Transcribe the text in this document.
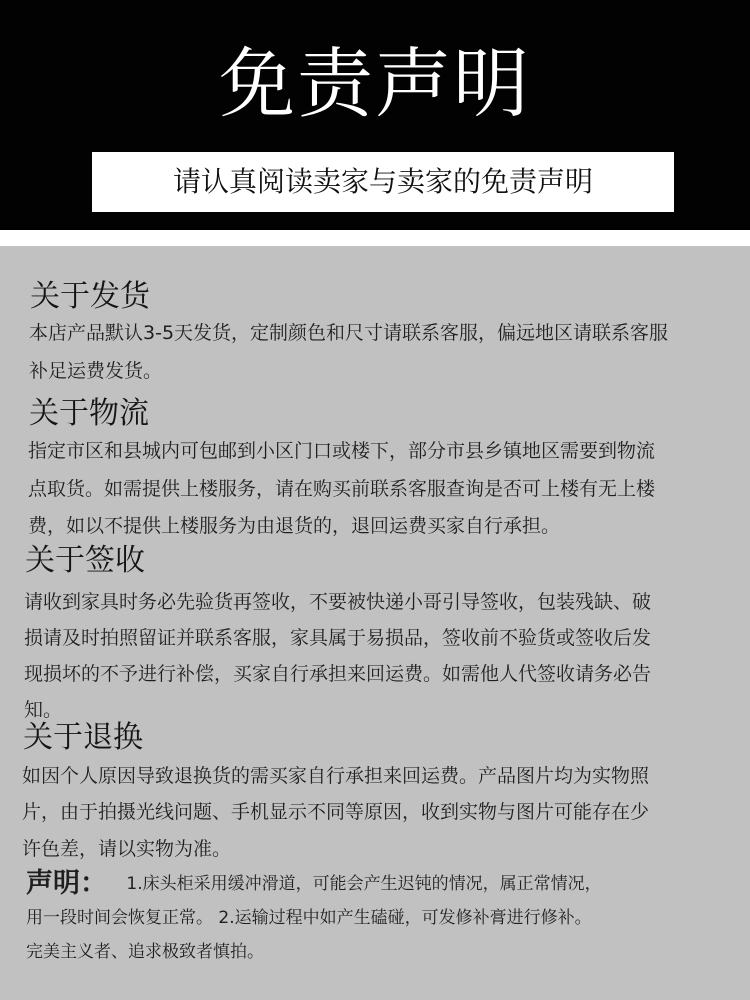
免责声明
请认真阅读卖家与卖家的免责声明
关于发货
本店产品默认3-5天发货，定制颜色和尺寸请联系客服，偏远地区请联系客服
补足运费发货。
关于物流
指定市区和县城内可包邮到小区门口或楼下，部分市县乡镇地区需要到物流
点取货。如需提供上楼服务，请在购买前联系客服查询是否可上楼有无上楼
费，如以不提供上楼服务为由退货的，退回运费买家自行承担。
关于签收
请收到家具时务必先验货再签收，不要被快递小哥引导签收，包装残缺、破
损请及时拍照留证并联系客服，家具属于易损品，签收前不验货或签收后发
现损坏的不予进行补偿，买家自行承担来回运费。如需他人代签收请务必告
知。
关于退换
如因个人原因导致退换货的需买家自行承担来回运费。产品图片均为实物照
片，由于拍摄光线问题、手机显示不同等原因，收到实物与图片可能存在少
许色差，请以实物为准。
声明： 1.床头柜采用缓冲滑道，可能会产生迟钝的情况，属正常情况，
用一段时间会恢复正常。 2.运输过程中如产生磕碰，可发修补膏进行修补。
完美主义者、追求极致者慎拍。
